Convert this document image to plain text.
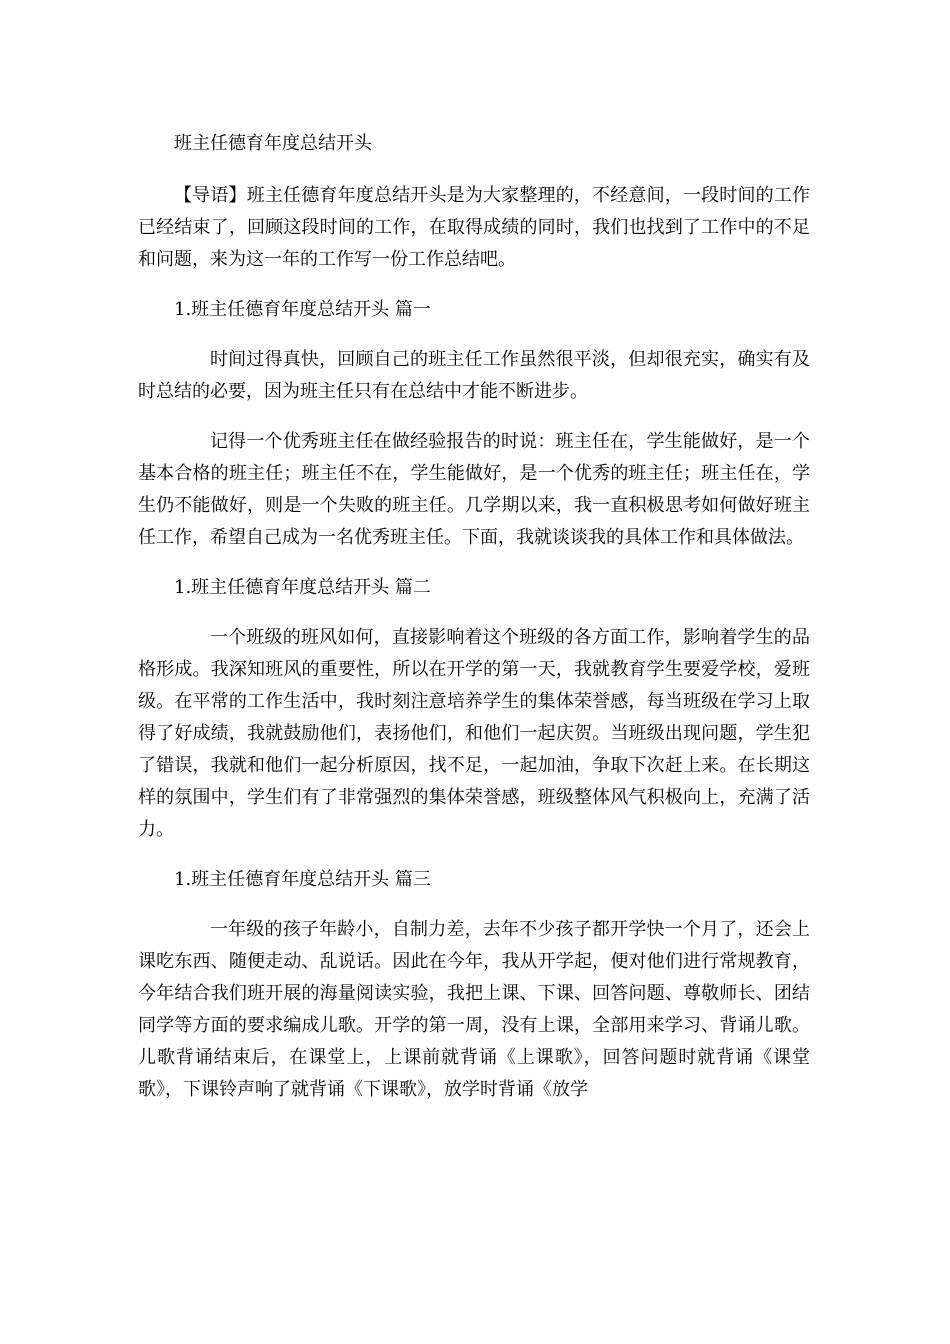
班主任德育年度总结开头

【导语】班主任德育年度总结开头是为大家整理的，不经意间，一段时间的工作已经结束了，回顾这段时间的工作，在取得成绩的同时，我们也找到了工作中的不足和问题，来为这一年的工作写一份工作总结吧。

1.班主任德育年度总结开头 篇一

时间过得真快，回顾自己的班主任工作虽然很平淡，但却很充实，确实有及时总结的必要，因为班主任只有在总结中才能不断进步。

记得一个优秀班主任在做经验报告的时说：班主任在，学生能做好，是一个基本合格的班主任；班主任不在，学生能做好，是一个优秀的班主任；班主任在，学生仍不能做好，则是一个失败的班主任。几学期以来，我一直积极思考如何做好班主任工作，希望自己成为一名优秀班主任。下面，我就谈谈我的具体工作和具体做法。

1.班主任德育年度总结开头 篇二

一个班级的班风如何，直接影响着这个班级的各方面工作，影响着学生的品格形成。我深知班风的重要性，所以在开学的第一天，我就教育学生要爱学校，爱班级。在平常的工作生活中，我时刻注意培养学生的集体荣誉感，每当班级在学习上取得了好成绩，我就鼓励他们，表扬他们，和他们一起庆贺。当班级出现问题，学生犯了错误，我就和他们一起分析原因，找不足，一起加油，争取下次赶上来。在长期这样的氛围中，学生们有了非常强烈的集体荣誉感，班级整体风气积极向上，充满了活力。

1.班主任德育年度总结开头 篇三

一年级的孩子年龄小，自制力差，去年不少孩子都开学快一个月了，还会上课吃东西、随便走动、乱说话。因此在今年，我从开学起，便对他们进行常规教育，今年结合我们班开展的海量阅读实验，我把上课、下课、回答问题、尊敬师长、团结同学等方面的要求编成儿歌。开学的第一周，没有上课，全部用来学习、背诵儿歌。儿歌背诵结束后，在课堂上，上课前就背诵《上课歌》，回答问题时就背诵《课堂歌》，下课铃声响了就背诵《下课歌》，放学时背诵《放学
